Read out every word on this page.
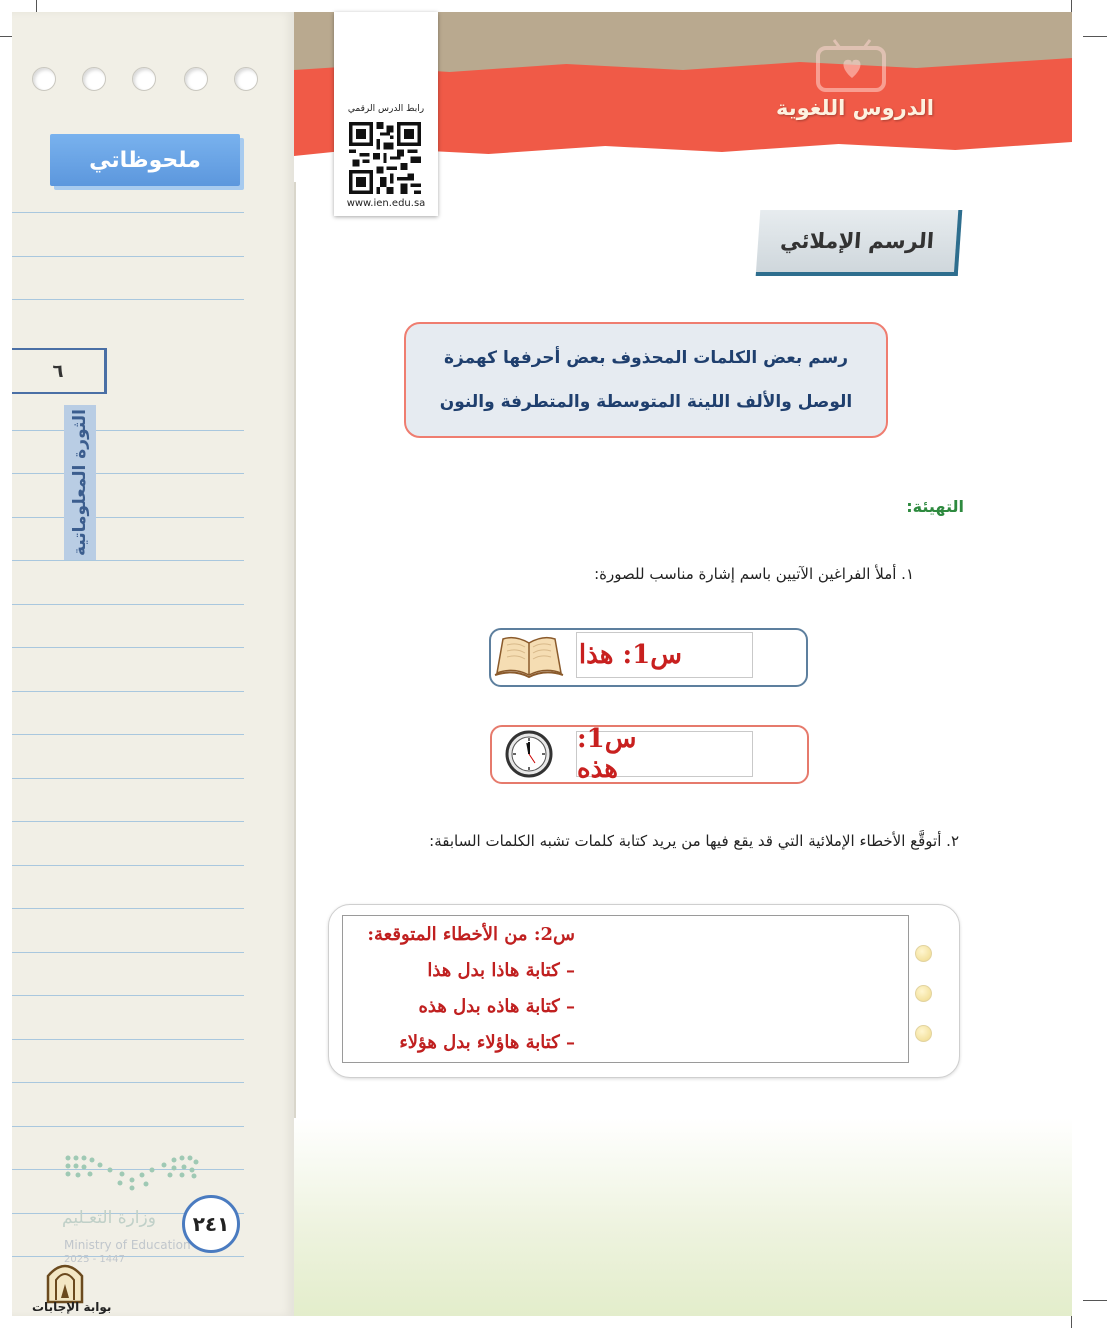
ملحوظاتي
٦
الثورة المعلوماتية
وزارة التعـليم
Ministry of Education
2025 - 1447
٢٤١
بوابة الإجابات
الدروس اللغوية
رابط الدرس الرقمي
www.ien.edu.sa
الرسم الإملائي
رسم بعض الكلمات المحذوف بعض أحرفها كهمزة
الوصل والألف اللينة المتوسطة والمتطرفة والنون
التهيئة:
١. أملأ الفراغين الآتيين باسم إشارة مناسب للصورة:
س1: هذا
س1: هذه
٢. أتوقَّع الأخطاء الإملائية التي قد يقع فيها من يريد كتابة كلمات تشبه الكلمات السابقة:
س2: من الأخطاء المتوقعة:
– كتابة هاذا بدل هذا
– كتابة هاذه بدل هذه
– كتابة هاؤلاء بدل هؤلاء
